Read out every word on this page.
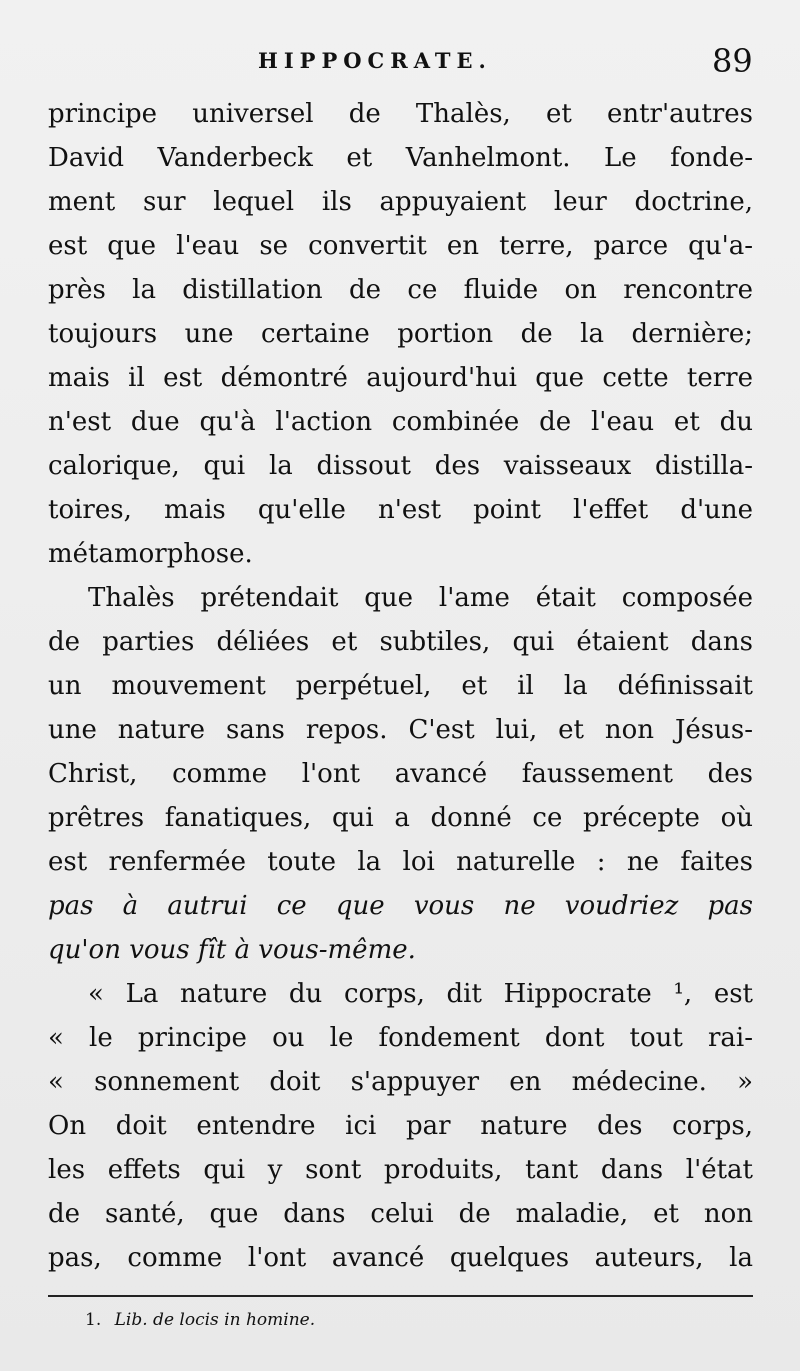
HIPPOCRATE.	89

principe universel de Thalès, et entr'autres
David Vanderbeck et Vanhelmont. Le fonde-
ment sur lequel ils appuyaient leur doctrine,
est que l'eau se convertit en terre, parce qu'a-
près la distillation de ce fluide on rencontre
toujours une certaine portion de la dernière;
mais il est démontré aujourd'hui que cette terre
n'est due qu'à l'action combinée de l'eau et du
calorique, qui la dissout des vaisseaux distilla-
toires, mais qu'elle n'est point l'effet d'une
métamorphose.

Thalès prétendait que l'ame était composée
de parties déliées et subtiles, qui étaient dans
un mouvement perpétuel, et il la définissait
une nature sans repos. C'est lui, et non Jésus-
Christ, comme l'ont avancé faussement des
prêtres fanatiques, qui a donné ce précepte où
est renfermée toute la loi naturelle : ne faites
pas à autrui ce que vous ne voudriez pas
qu'on vous fît à vous-même.

« La nature du corps, dit Hippocrate ¹, est
« le principe ou le fondement dont tout rai-
« sonnement doit s'appuyer en médecine. »
On doit entendre ici par nature des corps,
les effets qui y sont produits, tant dans l'état
de santé, que dans celui de maladie, et non
pas, comme l'ont avancé quelques auteurs, la

1. Lib. de locis in homine.
